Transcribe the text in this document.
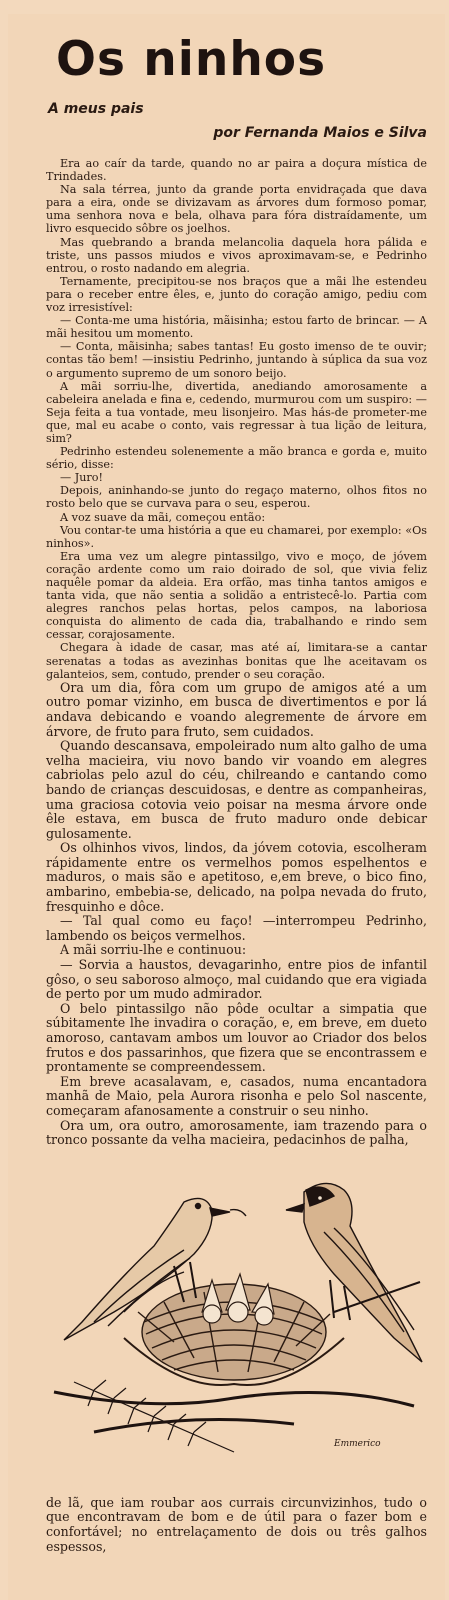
Os ninhos
A meus pais
por Fernanda Maios e Silva

Era ao caír da tarde, quando no ar paira a doçura mística de Trindades.

Na sala térrea, junto da grande porta envidraçada que dava para a eira, onde se divizavam as árvores dum formoso pomar, uma senhora nova e bela, olhava para fóra distraídamente, um livro esquecido sôbre os joelhos.

Mas quebrando a branda melancolia daquela hora pálida e triste, uns passos miudos e vivos aproximavam-se, e Pedrinho entrou, o rosto nadando em alegria.

Ternamente, precipitou-se nos braços que a mãi lhe estendeu para o receber entre êles, e, junto do coração amigo, pediu com voz irresistível:

— Conta-me uma história, mãisinha; estou farto de brincar. — A mãi hesitou um momento.

— Conta, mãisinha; sabes tantas! Eu gosto imenso de te ouvir; contas tão bem! —insistiu Pedrinho, juntando à súplica da sua voz o argumento supremo de um sonoro beijo.

A mãi sorriu-lhe, divertida, anediando amorosamente a cabeleira anelada e fina e, cedendo, murmurou com um suspiro: — Seja feita a tua vontade, meu lisonjeiro. Mas hás-de prometer-me que, mal eu acabe o conto, vais regressar à tua lição de leitura, sim?

Pedrinho estendeu solenemente a mão branca e gorda e, muito sério, disse:

— Juro!

Depois, aninhando-se junto do regaço materno, olhos fitos no rosto belo que se curvava para o seu, esperou.

A voz suave da mãi, começou então:

Vou contar-te uma história a que eu chamarei, por exemplo: «Os ninhos».

Era uma vez um alegre pintassilgo, vivo e moço, de jóvem coração ardente como um raio doirado de sol, que vivia feliz naquêle pomar da aldeia. Era orfão, mas tinha tantos amigos e tanta vida, que não sentia a solidão a entristecê-lo. Partia com alegres ranchos pelas hortas, pelos campos, na laboriosa conquista do alimento de cada dia, trabalhando e rindo sem cessar, corajosamente.

Chegara à idade de casar, mas até aí, limitara-se a cantar serenatas a todas as avezinhas bonitas que lhe aceitavam os galanteios, sem, contudo, prender o seu coração.

Ora um dia, fôra com um grupo de amigos até a um outro pomar vizinho, em busca de divertimentos e por lá andava debicando e voando alegremente de árvore em árvore, de fruto para fruto, sem cuidados.

Quando descansava, empoleirado num alto galho de uma velha macieira, viu novo bando vir voando em alegres cabriolas pelo azul do céu, chilreando e cantando como bando de crianças descuidosas, e dentre as companheiras, uma graciosa cotovia veio poisar na mesma árvore onde êle estava, em busca de fruto maduro onde debicar gulosamente.

Os olhinhos vivos, lindos, da jóvem cotovia, escolheram rápidamente entre os vermelhos pomos espelhentos e maduros, o mais são e apetitoso, e,em breve, o bico fino, ambarino, embebia-se, delicado, na polpa nevada do fruto, fresquinho e dôce.

— Tal qual como eu faço! —interrompeu Pedrinho, lambendo os beiços vermelhos.

A mãi sorriu-lhe e continuou:

— Sorvia a haustos, devagarinho, entre pios de infantil gôso, o seu saboroso almoço, mal cuidando que era vigiada de perto por um mudo admirador.

O belo pintassilgo não pôde ocultar a simpatia que súbitamente lhe invadira o coração, e, em breve, em dueto amoroso, cantavam ambos um louvor ao Criador dos belos frutos e dos passarinhos, que fizera que se encontrassem e prontamente se compreendessem.

Em breve acasalavam, e, casados, numa encantadora manhã de Maio, pela Aurora risonha e pelo Sol nascente, começaram afanosamente a construir o seu ninho.

Ora um, ora outro, amorosamente, iam trazendo para o tronco possante da velha macieira, pedacinhos de palha,

Emmerico

de lã, que iam roubar aos currais circunvizinhos, tudo o que encontravam de bom e de útil para o fazer bom e confortável; no entrelaçamento de dois ou três galhos espessos,
